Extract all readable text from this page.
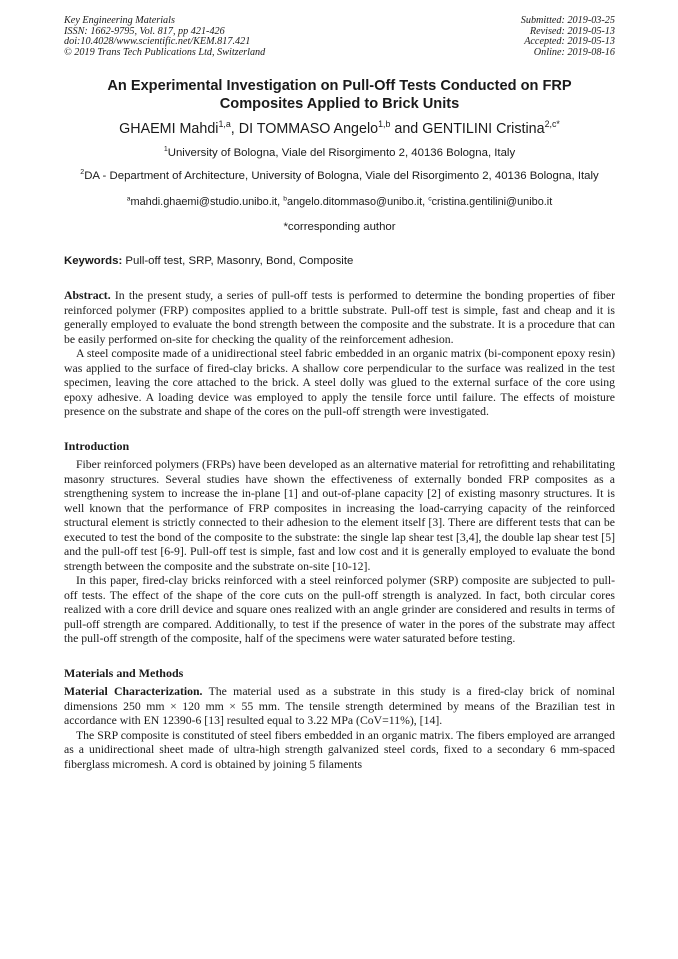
Key Engineering Materials
ISSN: 1662-9795, Vol. 817, pp 421-426
doi:10.4028/www.scientific.net/KEM.817.421
© 2019 Trans Tech Publications Ltd, Switzerland
Submitted: 2019-03-25
Revised: 2019-05-13
Accepted: 2019-05-13
Online: 2019-08-16
An Experimental Investigation on Pull-Off Tests Conducted on FRP
Composites Applied to Brick Units
GHAEMI Mahdi$^{1,a}$, DI TOMMASO Angelo$^{1,b}$ and GENTILINI Cristina$^{2,c*}$
$^1$University of Bologna, Viale del Risorgimento 2, 40136 Bologna, Italy
$^2$DA - Department of Architecture, University of Bologna, Viale del Risorgimento 2, 40136 Bologna, Italy
$^a$mahdi.ghaemi@studio.unibo.it, $^b$angelo.ditommaso@unibo.it, $^c$cristina.gentilini@unibo.it
*corresponding author
Keywords: Pull-off test, SRP, Masonry, Bond, Composite

Abstract. In the present study, a series of pull-off tests is performed to determine the bonding properties of fiber reinforced polymer (FRP) composites applied to a brittle substrate. Pull-off test is simple, fast and cheap and it is generally employed to evaluate the bond strength between the composite and the substrate. It is a procedure that can be easily performed on-site for checking the quality of the reinforcement adhesion.

A steel composite made of a unidirectional steel fabric embedded in an organic matrix (bi-component epoxy resin) was applied to the surface of fired-clay bricks. A shallow core perpendicular to the surface was realized in the test specimen, leaving the core attached to the brick. A steel dolly was glued to the external surface of the core using epoxy adhesive. A loading device was employed to apply the tensile force until failure. The effects of moisture presence on the substrate and shape of the cores on the pull-off strength were investigated.

Introduction

Fiber reinforced polymers (FRPs) have been developed as an alternative material for retrofitting and rehabilitating masonry structures. Several studies have shown the effectiveness of externally bonded FRP composites as a strengthening system to increase the in-plane [1] and out-of-plane capacity [2] of existing masonry structures. It is well known that the performance of FRP composites in increasing the load-carrying capacity of the reinforced structural element is strictly connected to their adhesion to the element itself [3]. There are different tests that can be executed to test the bond of the composite to the substrate: the single lap shear test [3,4], the double lap shear test [5] and the pull-off test [6-9]. Pull-off test is simple, fast and low cost and it is generally employed to evaluate the bond strength between the composite and the substrate on-site [10-12].

In this paper, fired-clay bricks reinforced with a steel reinforced polymer (SRP) composite are subjected to pull-off tests. The effect of the shape of the core cuts on the pull-off strength is analyzed. In fact, both circular cores realized with a core drill device and square ones realized with an angle grinder are considered and results in terms of pull-off strength are compared. Additionally, to test if the presence of water in the pores of the substrate may affect the pull-off strength of the composite, half of the specimens were water saturated before testing.

Materials and Methods

Material Characterization. The material used as a substrate in this study is a fired-clay brick of nominal dimensions 250 mm × 120 mm × 55 mm. The tensile strength determined by means of the Brazilian test in accordance with EN 12390-6 [13] resulted equal to 3.22 MPa (CoV=11%), [14].

The SRP composite is constituted of steel fibers embedded in an organic matrix. The fibers employed are arranged as a unidirectional sheet made of ultra-high strength galvanized steel cords, fixed to a secondary 6 mm-spaced fiberglass micromesh. A cord is obtained by joining 5 filaments
